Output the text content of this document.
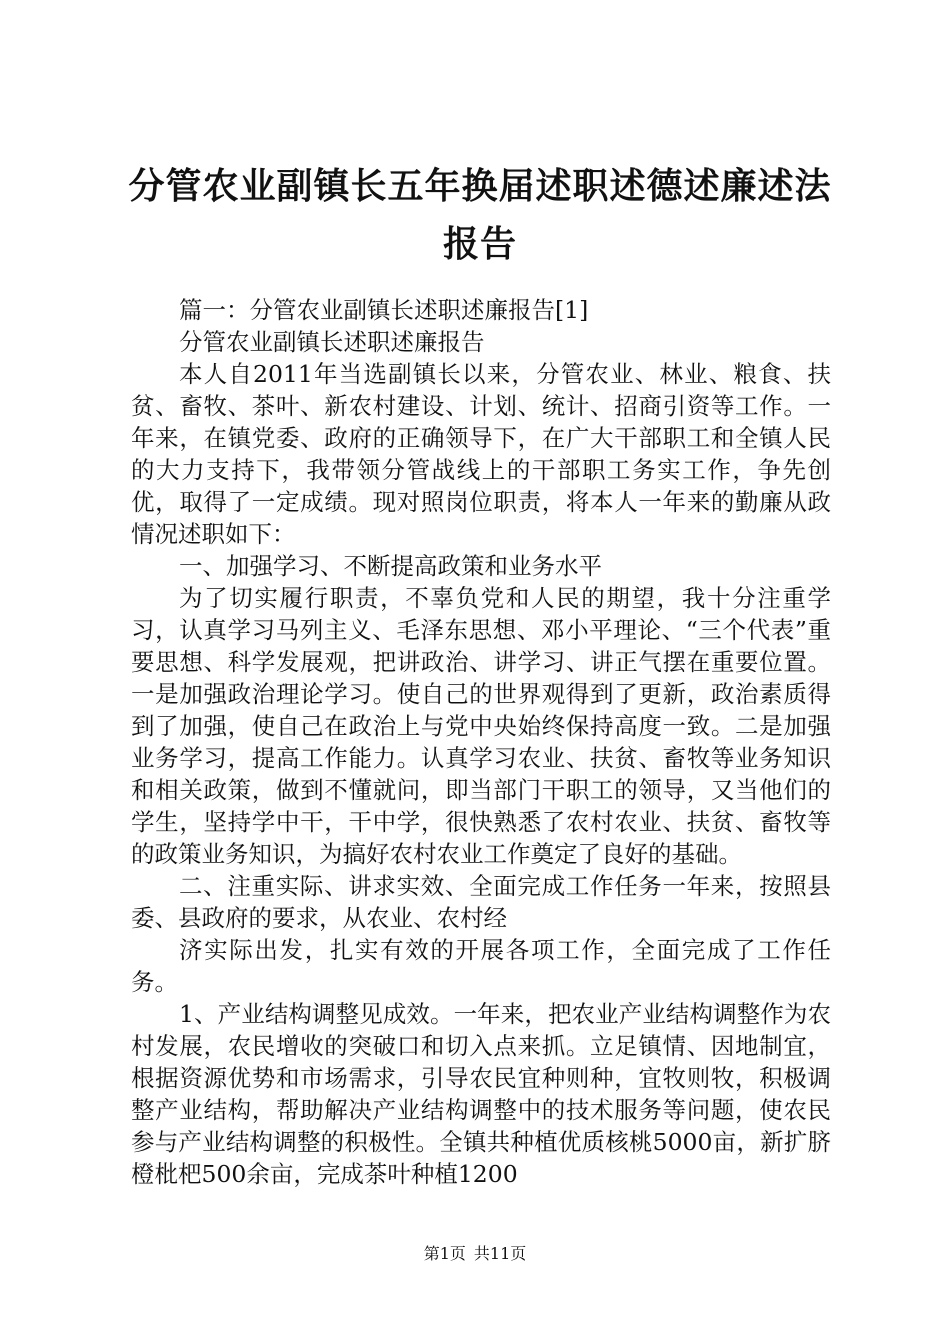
分管农业副镇长五年换届述职述德述廉述法报告

篇一：分管农业副镇长述职述廉报告[1]

分管农业副镇长述职述廉报告

本人自2011年当选副镇长以来，分管农业、林业、粮食、扶贫、畜牧、茶叶、新农村建设、计划、统计、招商引资等工作。一年来，在镇党委、政府的正确领导下，在广大干部职工和全镇人民的大力支持下，我带领分管战线上的干部职工务实工作，争先创优，取得了一定成绩。现对照岗位职责，将本人一年来的勤廉从政情况述职如下：

一、加强学习、不断提高政策和业务水平

为了切实履行职责，不辜负党和人民的期望，我十分注重学习，认真学习马列主义、毛泽东思想、邓小平理论、“三个代表”重要思想、科学发展观，把讲政治、讲学习、讲正气摆在重要位置。一是加强政治理论学习。使自己的世界观得到了更新，政治素质得到了加强，使自己在政治上与党中央始终保持高度一致。二是加强业务学习，提高工作能力。认真学习农业、扶贫、畜牧等业务知识和相关政策，做到不懂就问，即当部门干职工的领导，又当他们的学生，坚持学中干，干中学，很快熟悉了农村农业、扶贫、畜牧等的政策业务知识，为搞好农村农业工作奠定了良好的基础。

二、注重实际、讲求实效、全面完成工作任务一年来，按照县委、县政府的要求，从农业、农村经

济实际出发，扎实有效的开展各项工作，全面完成了工作任务。

1、产业结构调整见成效。一年来，把农业产业结构调整作为农村发展，农民增收的突破口和切入点来抓。立足镇情、因地制宜，根据资源优势和市场需求，引导农民宜种则种，宜牧则牧，积极调整产业结构，帮助解决产业结构调整中的技术服务等问题，使农民参与产业结构调整的积极性。全镇共种植优质核桃5000亩，新扩脐橙枇杷500余亩，完成茶叶种植1200

第1页 共11页
